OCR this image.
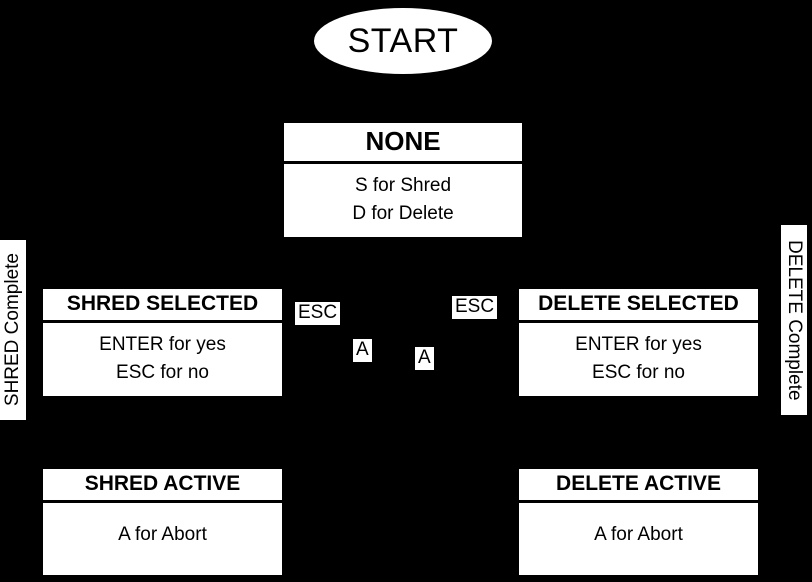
START
NONE
S for Shred
D for Delete
SHRED SELECTED
ENTER for yes
ESC for no
DELETE SELECTED
ENTER for yes
ESC for no
SHRED ACTIVE
A for Abort
DELETE ACTIVE
A for Abort
SHRED Complete	DELETE Complete
ESC
A	A
ESC
